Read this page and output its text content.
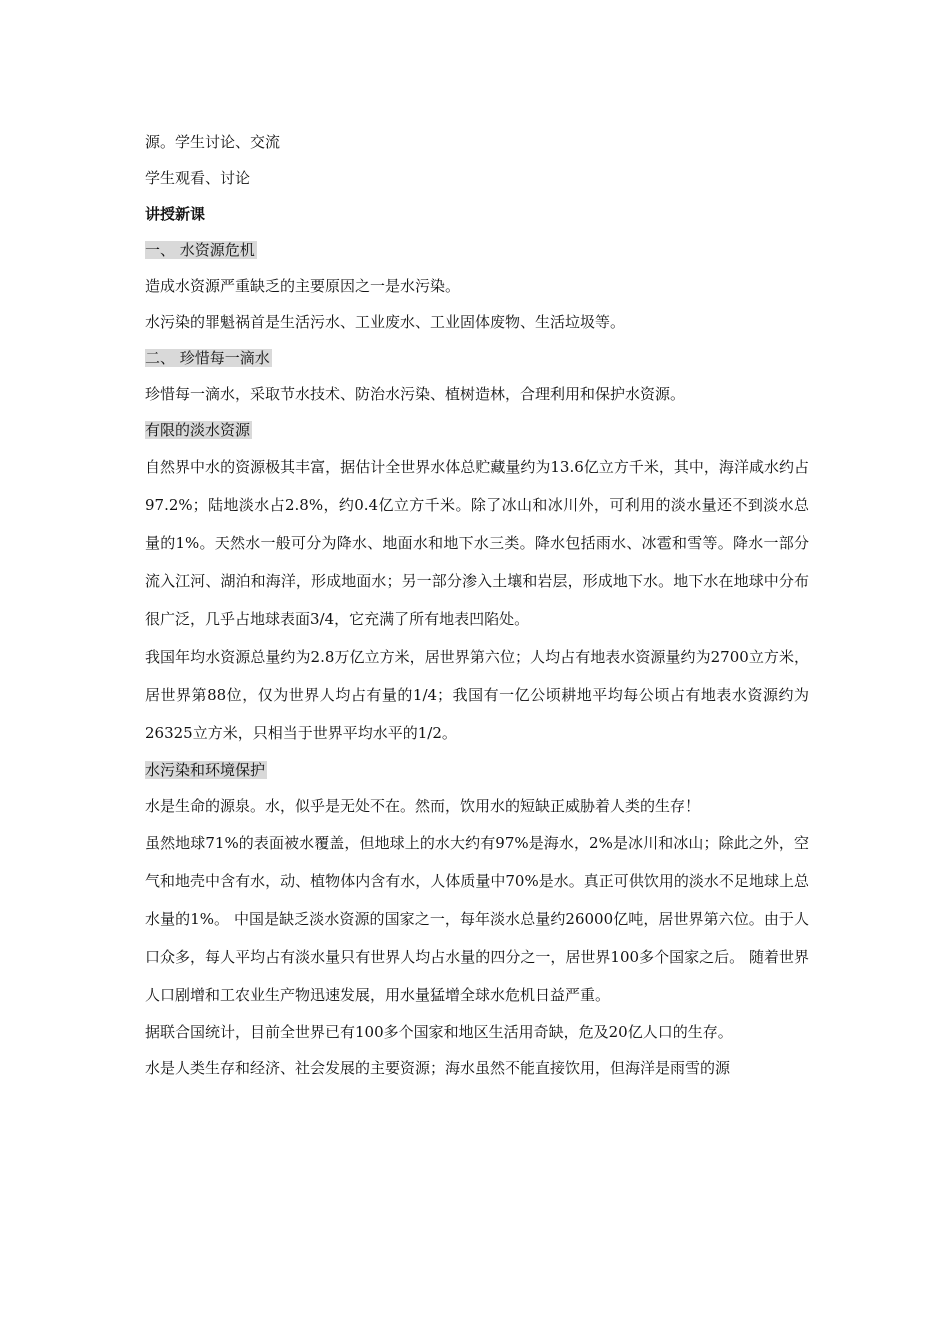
源。学生讨论、交流

学生观看、讨论

讲授新课

一、 水资源危机

造成水资源严重缺乏的主要原因之一是水污染。

水污染的罪魁祸首是生活污水、工业废水、工业固体废物、生活垃圾等。

二、 珍惜每一滴水

珍惜每一滴水，采取节水技术、防治水污染、植树造林，合理利用和保护水资源。

有限的淡水资源

自然界中水的资源极其丰富，据估计全世界水体总贮藏量约为13.6亿立方千米，其中，海洋咸水约占97.2%；陆地淡水占2.8%，约0.4亿立方千米。除了冰山和冰川外，可利用的淡水量还不到淡水总量的1%。天然水一般可分为降水、地面水和地下水三类。降水包括雨水、冰雹和雪等。降水一部分流入江河、湖泊和海洋，形成地面水；另一部分渗入土壤和岩层，形成地下水。地下水在地球中分布很广泛，几乎占地球表面3/4，它充满了所有地表凹陷处。

我国年均水资源总量约为2.8万亿立方米，居世界第六位；人均占有地表水资源量约为2700立方米，居世界第88位，仅为世界人均占有量的1/4；我国有一亿公顷耕地平均每公顷占有地表水资源约为26325立方米，只相当于世界平均水平的1/2。

水污染和环境保护

水是生命的源泉。水，似乎是无处不在。然而，饮用水的短缺正威胁着人类的生存！

虽然地球71%的表面被水覆盖，但地球上的水大约有97%是海水，2%是冰川和冰山；除此之外，空气和地壳中含有水，动、植物体内含有水，人体质量中70%是水。真正可供饮用的淡水不足地球上总水量的1%。 中国是缺乏淡水资源的国家之一，每年淡水总量约26000亿吨，居世界第六位。由于人口众多，每人平均占有淡水量只有世界人均占水量的四分之一，居世界100多个国家之后。 随着世界人口剧增和工农业生产物迅速发展，用水量猛增全球水危机日益严重。

据联合国统计，目前全世界已有100多个国家和地区生活用奇缺，危及20亿人口的生存。

水是人类生存和经济、社会发展的主要资源；海水虽然不能直接饮用，但海洋是雨雪的源
